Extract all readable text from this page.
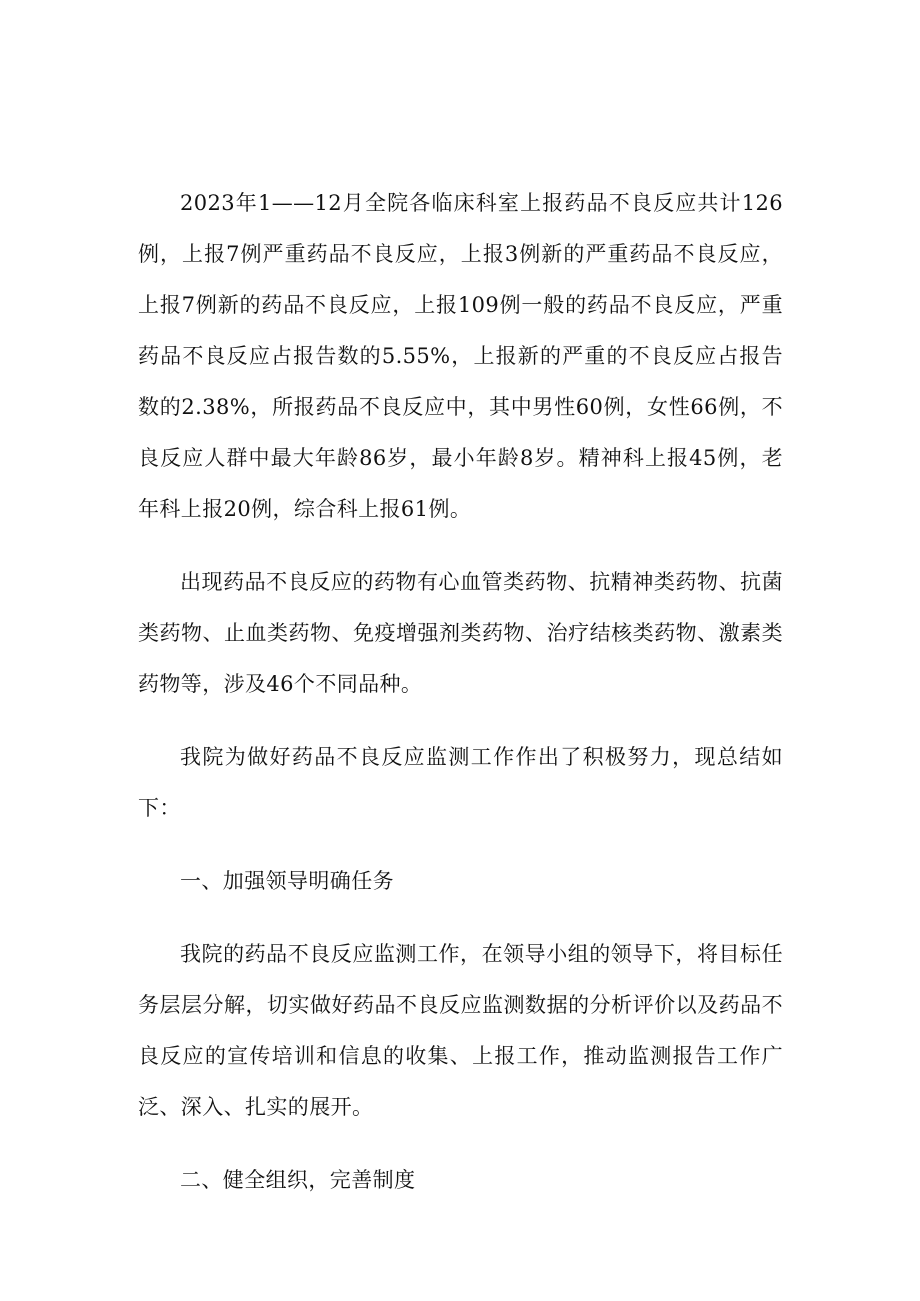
2023年1——12月全院各临床科室上报药品不良反应共计126例，上报7例严重药品不良反应，上报3例新的严重药品不良反应，上报7例新的药品不良反应，上报109例一般的药品不良反应，严重药品不良反应占报告数的5.55%，上报新的严重的不良反应占报告数的2.38%，所报药品不良反应中，其中男性60例，女性66例，不良反应人群中最大年龄86岁，最小年龄8岁。精神科上报45例，老年科上报20例，综合科上报61例。

出现药品不良反应的药物有心血管类药物、抗精神类药物、抗菌类药物、止血类药物、免疫增强剂类药物、治疗结核类药物、激素类药物等，涉及46个不同品种。

我院为做好药品不良反应监测工作作出了积极努力，现总结如下：

一、加强领导明确任务

我院的药品不良反应监测工作，在领导小组的领导下，将目标任务层层分解，切实做好药品不良反应监测数据的分析评价以及药品不良反应的宣传培训和信息的收集、上报工作，推动监测报告工作广泛、深入、扎实的展开。

二、健全组织，完善制度
